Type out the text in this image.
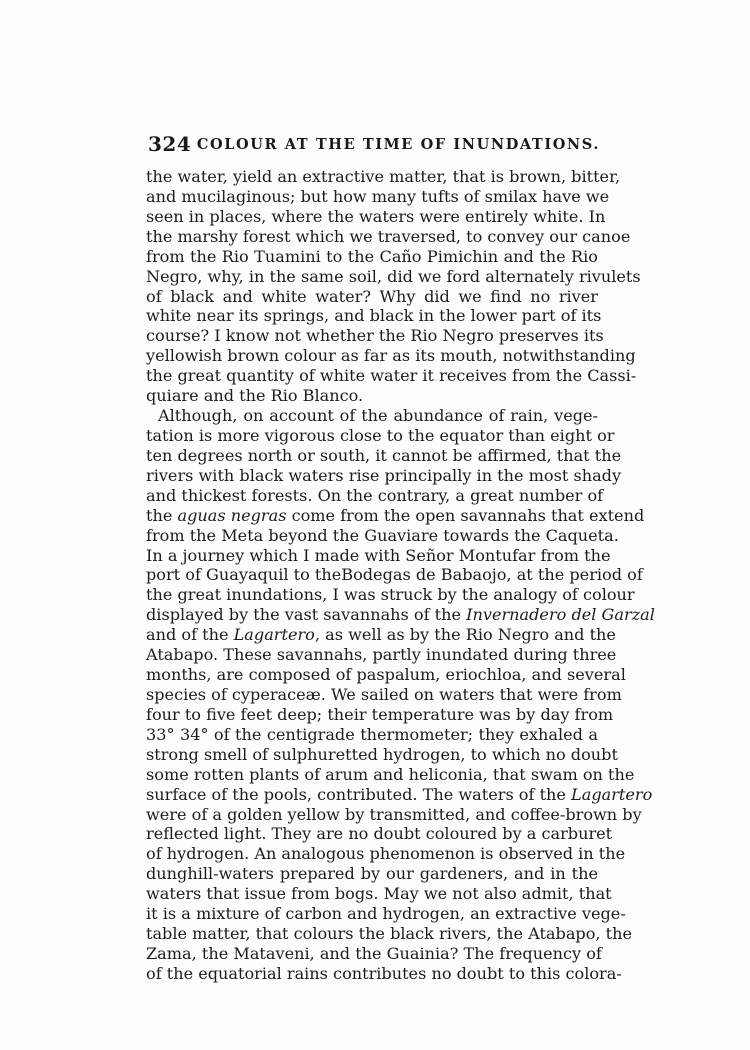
324 COLOUR AT THE TIME OF INUNDATIONS.
the water, yield an extractive matter, that is brown, bitter,
and mucilaginous; but how many tufts of smilax have we
seen in places, where the waters were entirely white. In
the marshy forest which we traversed, to convey our canoe
from the Rio Tuamini to the Caño Pimichin and the Rio
Negro, why, in the same soil, did we ford alternately rivulets
of black and white water? Why did we find no river
white near its springs, and black in the lower part of its
course? I know not whether the Rio Negro preserves its
yellowish brown colour as far as its mouth, notwithstanding
the great quantity of white water it receives from the Cassi-
quiare and the Rio Blanco.
Although, on account of the abundance of rain, vege-
tation is more vigorous close to the equator than eight or
ten degrees north or south, it cannot be affirmed, that the
rivers with black waters rise principally in the most shady
and thickest forests. On the contrary, a great number of
the aguas negras come from the open savannahs that extend
from the Meta beyond the Guaviare towards the Caqueta.
In a journey which I made with Señor Montufar from the
port of Guayaquil to theBodegas de Babaojo, at the period of
the great inundations, I was struck by the analogy of colour
displayed by the vast savannahs of the Invernadero del Garzal
and of the Lagartero, as well as by the Rio Negro and the
Atabapo. These savannahs, partly inundated during three
months, are composed of paspalum, eriochloa, and several
species of cyperaceæ. We sailed on waters that were from
four to five feet deep; their temperature was by day from
33° 34° of the centigrade thermometer; they exhaled a
strong smell of sulphuretted hydrogen, to which no doubt
some rotten plants of arum and heliconia, that swam on the
surface of the pools, contributed. The waters of the Lagartero
were of a golden yellow by transmitted, and coffee-brown by
reflected light. They are no doubt coloured by a carburet
of hydrogen. An analogous phenomenon is observed in the
dunghill-waters prepared by our gardeners, and in the
waters that issue from bogs. May we not also admit, that
it is a mixture of carbon and hydrogen, an extractive vege-
table matter, that colours the black rivers, the Atabapo, the
Zama, the Mataveni, and the Guainia? The frequency of
of the equatorial rains contributes no doubt to this colora-
